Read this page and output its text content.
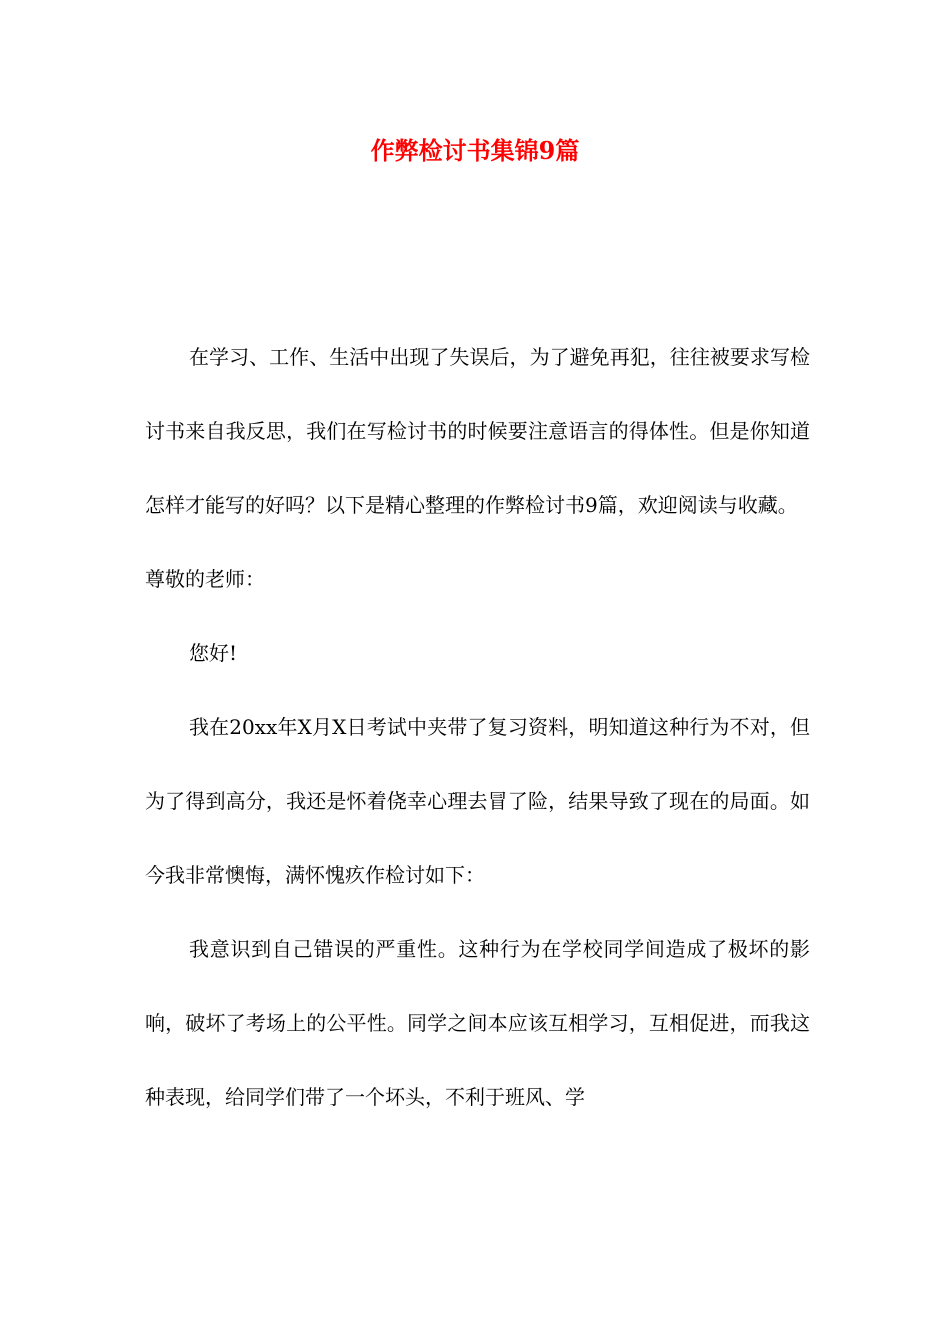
作弊检讨书集锦9篇

在学习、工作、生活中出现了失误后，为了避免再犯，往往被要求写检讨书来自我反思，我们在写检讨书的时候要注意语言的得体性。但是你知道怎样才能写的好吗？以下是精心整理的作弊检讨书9篇，欢迎阅读与收藏。

尊敬的老师：

您好!

我在20xx年X月X日考试中夹带了复习资料，明知道这种行为不对，但为了得到高分，我还是怀着侥幸心理去冒了险，结果导致了现在的局面。如今我非常懊悔，满怀愧疚作检讨如下：

我意识到自己错误的严重性。这种行为在学校同学间造成了极坏的影响，破坏了考场上的公平性。同学之间本应该互相学习，互相促进，而我这种表现，给同学们带了一个坏头，不利于班风、学
